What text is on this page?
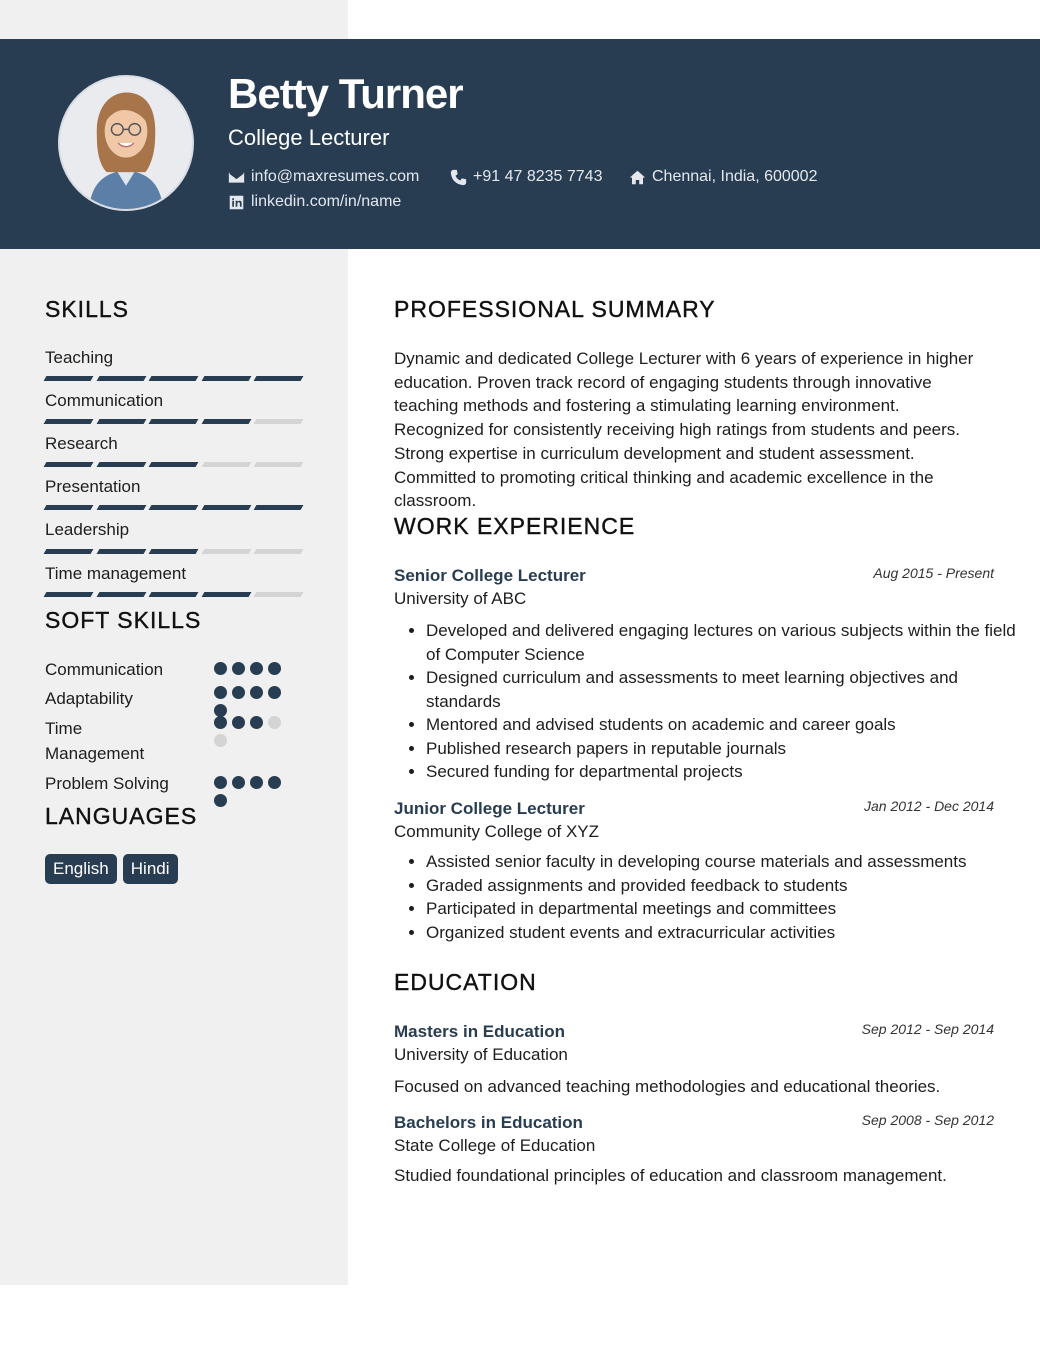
Betty Turner
College Lecturer
info@maxresumes.com	+91 47 8235 7743	Chennai, India, 600002
linkedin.com/in/name
SKILLS
Teaching
Communication
Research
Presentation
Leadership
Time management
SOFT SKILLS
Communication
Adaptability
Time Management
Problem Solving
LANGUAGES
English	Hindi
PROFESSIONAL SUMMARY

Dynamic and dedicated College Lecturer with 6 years of experience in higher education. Proven track record of engaging students through innovative teaching methods and fostering a stimulating learning environment. Recognized for consistently receiving high ratings from students and peers. Strong expertise in curriculum development and student assessment. Committed to promoting critical thinking and academic excellence in the classroom.

WORK EXPERIENCE
Senior College Lecturer	Aug 2015 - Present
University of ABC
• Developed and delivered engaging lectures on various subjects within the field of Computer Science
• Designed curriculum and assessments to meet learning objectives and standards
• Mentored and advised students on academic and career goals
• Published research papers in reputable journals
• Secured funding for departmental projects
Junior College Lecturer	Jan 2012 - Dec 2014
Community College of XYZ
• Assisted senior faculty in developing course materials and assessments
• Graded assignments and provided feedback to students
• Participated in departmental meetings and committees
• Organized student events and extracurricular activities
EDUCATION
Masters in Education	Sep 2012 - Sep 2014
University of Education
Focused on advanced teaching methodologies and educational theories.
Bachelors in Education	Sep 2008 - Sep 2012
State College of Education
Studied foundational principles of education and classroom management.
